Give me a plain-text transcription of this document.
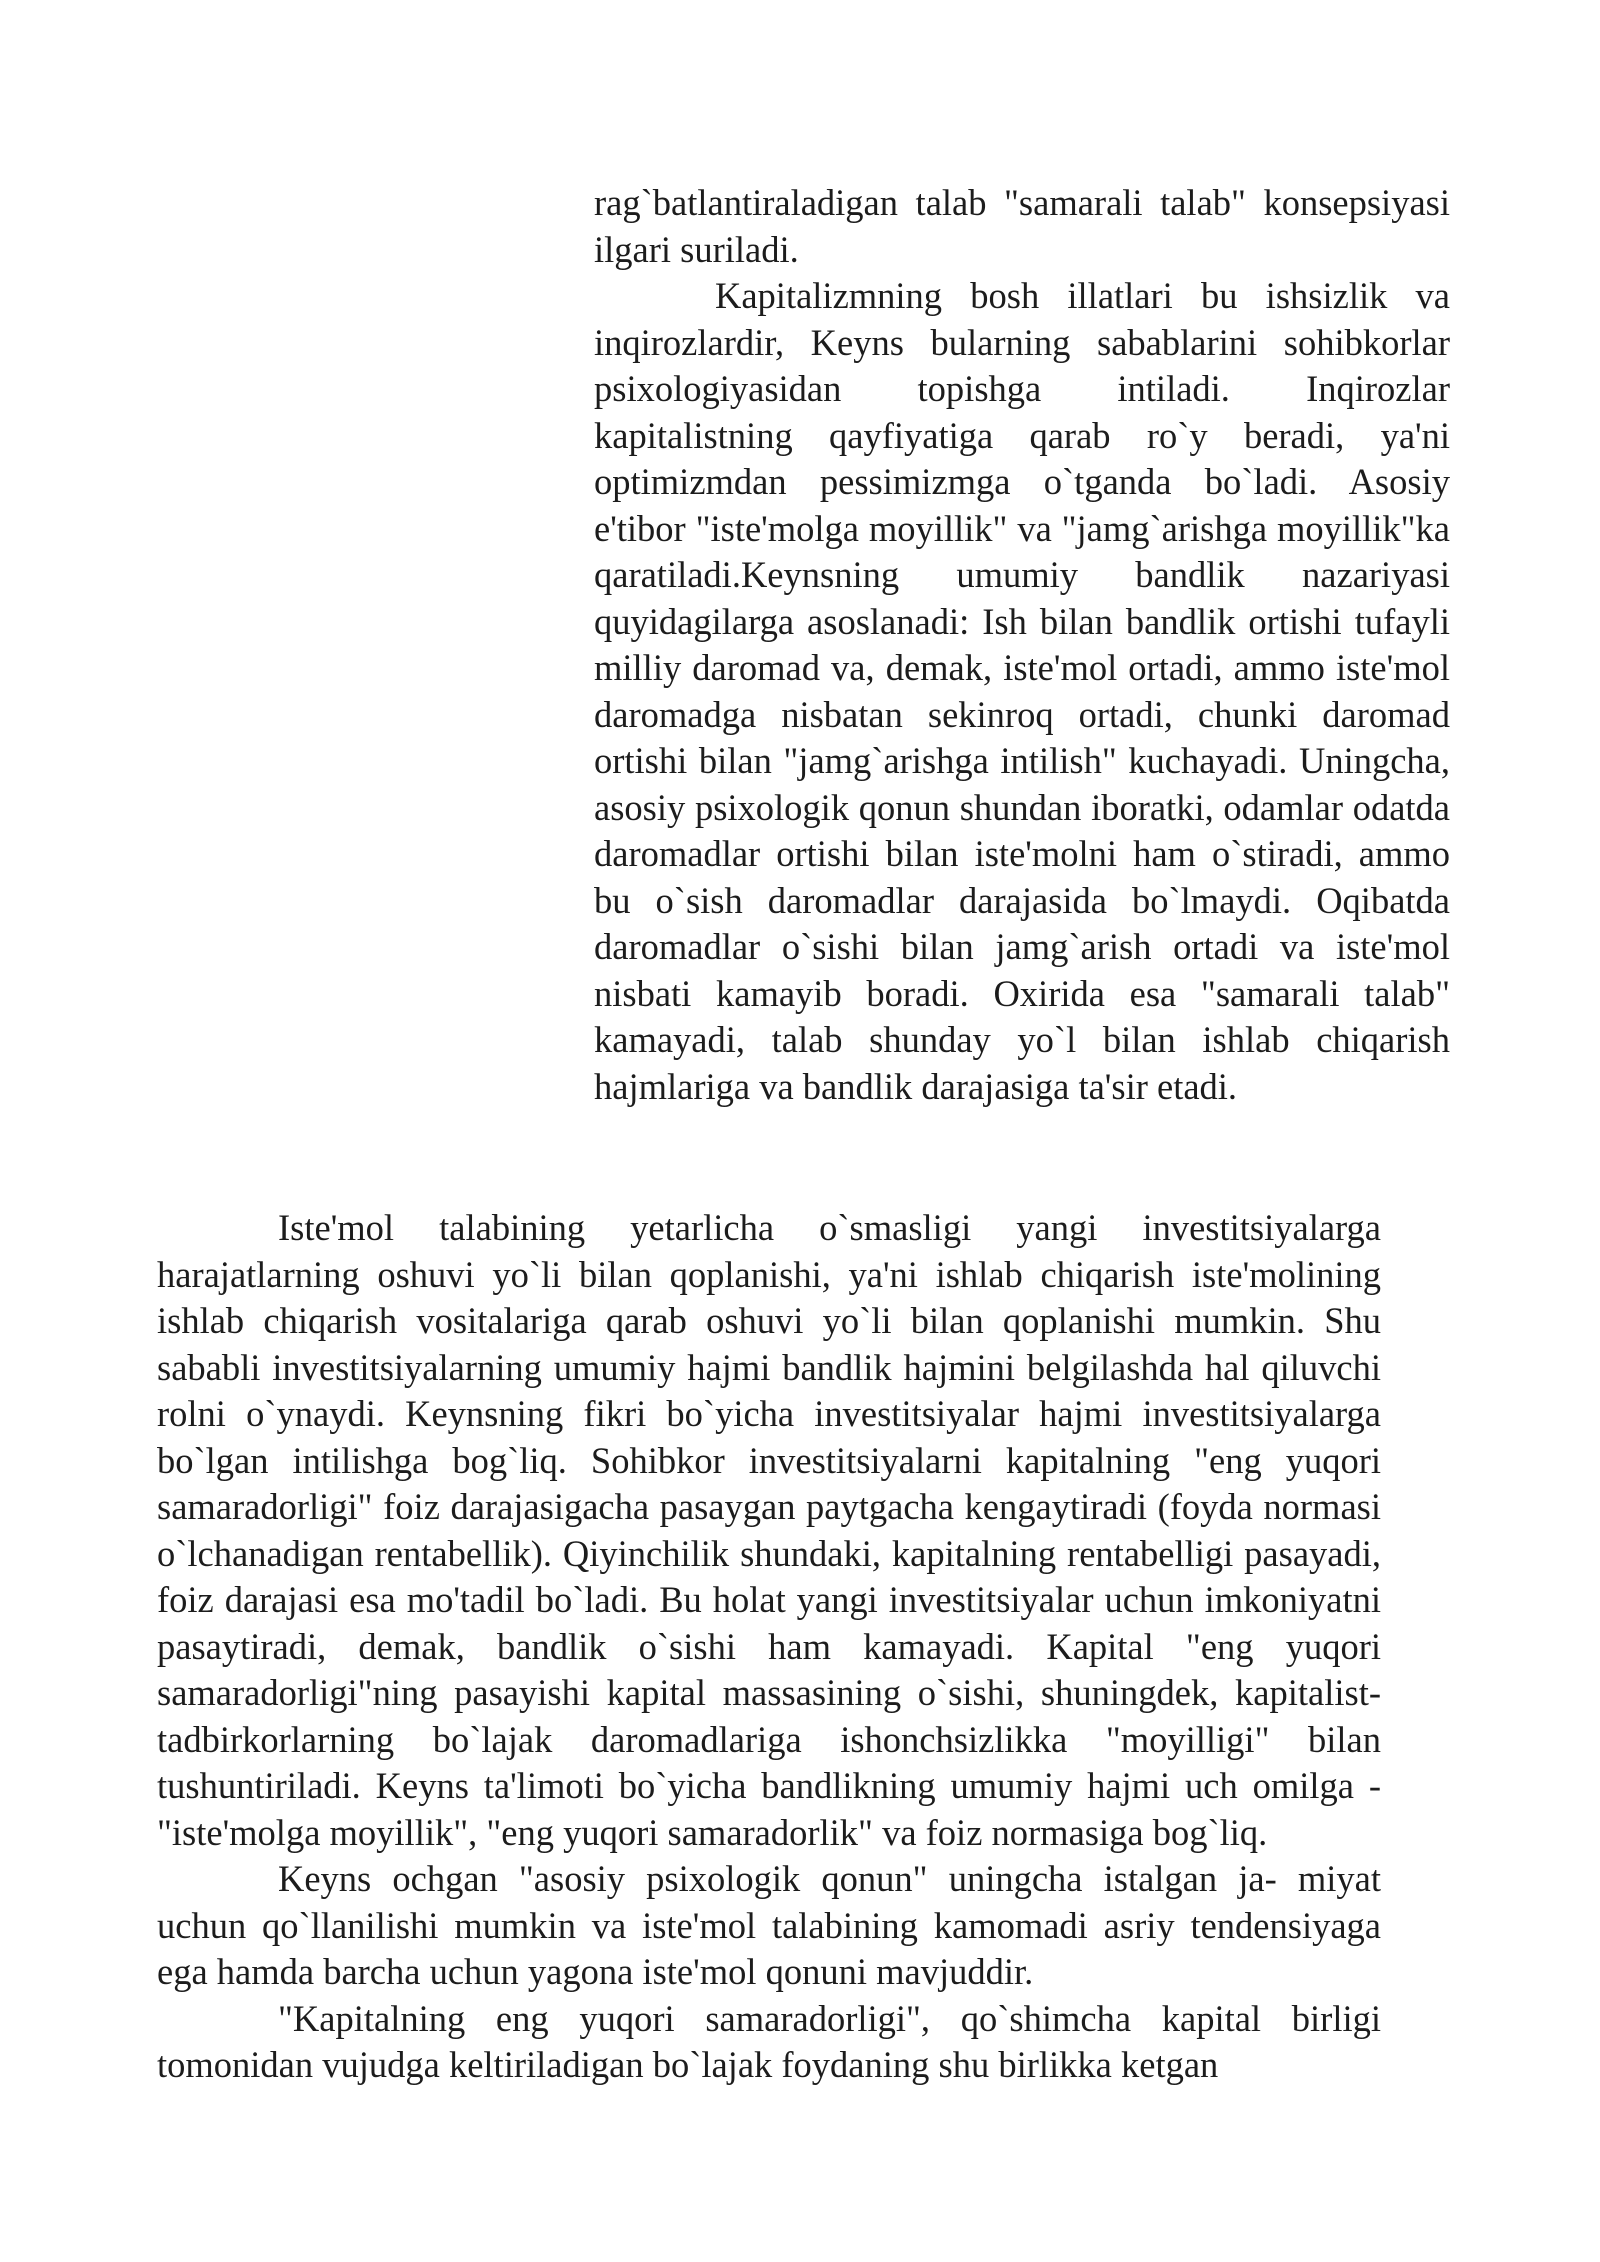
rag`batlantiraladigan talab "samarali talab" konsepsiyasi ilgari suriladi.

Kapitalizmning bosh illatlari bu ishsizlik va inqirozlardir, Keyns bularning sabablarini sohibkorlar psixologiyasidan topishga intiladi. Inqirozlar kapitalistning qayfiyatiga qarab ro`y beradi, ya'ni optimizmdan pessimizmga o`tganda bo`ladi. Asosiy e'tibor "iste'molga moyillik" va "jamg`arishga moyillik"ka qaratiladi.Keynsning umumiy bandlik nazariyasi quyidagilarga asoslanadi: Ish bilan bandlik ortishi tufayli milliy daromad va, demak, iste'mol ortadi, ammo iste'mol daromadga nisbatan sekinroq ortadi, chunki daromad ortishi bilan "jamg`arishga intilish" kuchayadi. Uningcha, asosiy psixologik qonun shundan iboratki, odamlar odatda daromadlar ortishi bilan iste'molni ham o`stiradi, ammo bu o`sish daromadlar darajasida bo`lmaydi. Oqibatda daromadlar o`sishi bilan jamg`arish ortadi va iste'mol nisbati kamayib boradi. Oxirida esa "samarali talab" kamayadi, talab shunday yo`l bilan ishlab chiqarish hajmlariga va bandlik darajasiga ta'sir etadi.

Iste'mol talabining yetarlicha o`smasligi yangi investitsiyalarga harajatlarning oshuvi yo`li bilan qoplanishi, ya'ni ishlab chiqarish iste'molining ishlab chiqarish vositalariga qarab oshuvi yo`li bilan qoplanishi mumkin. Shu sababli investitsiyalarning umumiy hajmi bandlik hajmini belgilashda hal qiluvchi rolni o`ynaydi. Keynsning fikri bo`yicha investitsiyalar hajmi investitsiyalarga bo`lgan intilishga bog`liq. Sohibkor investitsiyalarni kapitalning "eng yuqori samaradorligi" foiz darajasigacha pasaygan paytgacha kengaytiradi (foyda normasi o`lchanadigan rentabellik). Qiyinchilik shundaki, kapitalning rentabelligi pasayadi, foiz darajasi esa mo'tadil bo`ladi. Bu holat yangi investitsiyalar uchun imkoniyatni pasaytiradi, demak, bandlik o`sishi ham kamayadi. Kapital "eng yuqori samaradorligi"ning pasayishi kapital massasining o`sishi, shuningdek, kapitalist-tadbirkorlarning bo`lajak daromadlariga ishonchsizlikka "moyilligi" bilan tushuntiriladi. Keyns ta'limoti bo`yicha bandlikning umumiy hajmi uch omilga - "iste'molga moyillik", "eng yuqori samaradorlik" va foiz normasiga bog`liq.

Keyns ochgan "asosiy psixologik qonun" uningcha istalgan ja- miyat uchun qo`llanilishi mumkin va iste'mol talabining kamomadi asriy tendensiyaga ega hamda barcha uchun yagona iste'mol qonuni mavjuddir.

"Kapitalning eng yuqori samaradorligi", qo`shimcha kapital birligi tomonidan vujudga keltiriladigan bo`lajak foydaning shu birlikka ketgan
